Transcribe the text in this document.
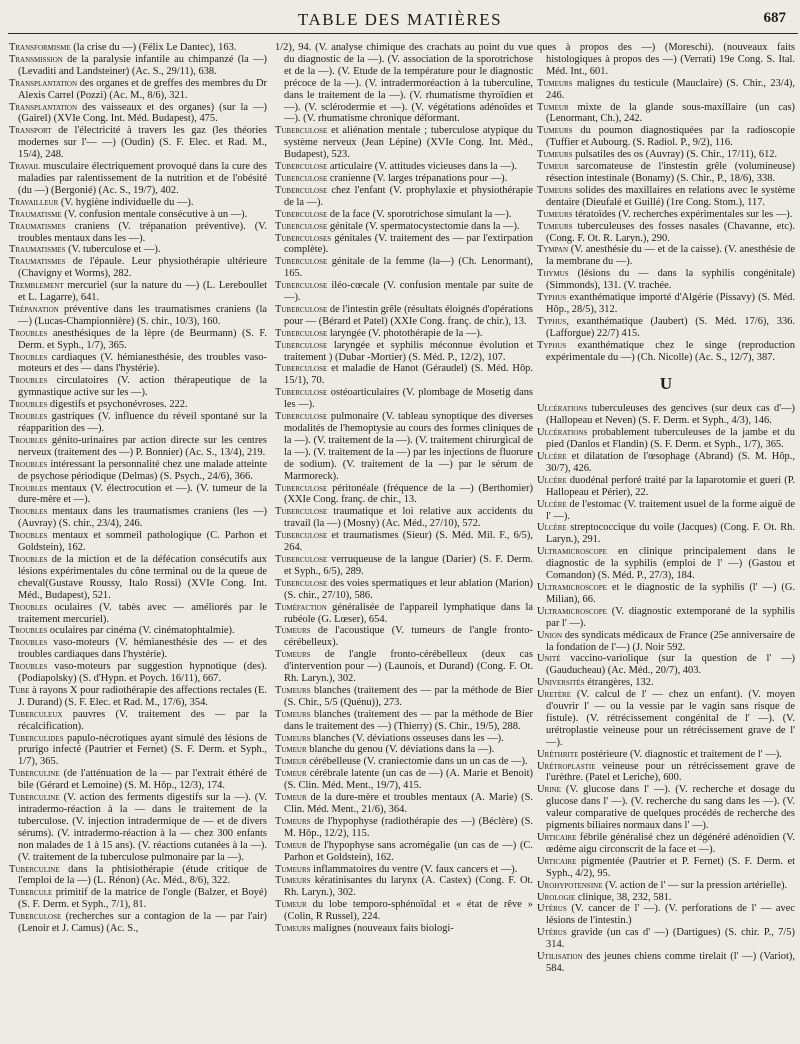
TABLE DES MATIÈRES	687

Transformisme (la crise du —) (Félix Le Dantec), 163.

Transmission de la paralysie infantile au chimpanzé (la —) (Levaditi and Landsteiner) (Ac. S., 29/11), 638.

Transplantation des organes et de greffes des membres du Dr Alexis Carrel (Pozzi) (Ac. M., 8/6), 321.

Transplantation des vaisseaux et des organes) (sur la —) (Gairel) (XVIe Cong. Int. Méd. Budapest), 475.

Transport de l'électricité à travers les gaz (les théories modernes sur l'— —) (Oudin) (S. F. Elec. et Rad. M., 15/4), 248.

Travail musculaire électriquement provoqué dans la cure des maladies par ralentissement de la nutrition et de l'obésité (du —) (Bergonié) (Ac. S., 19/7), 402.

Travailleur (V. hygiène individuelle du —).

Traumatisme (V. confusion mentale consécutive à un —).

Traumatismes craniens (V. trépanation préventive). (V. troubles mentaux dans les —).

Traumatismes (V. tuberculose et —).

Traumatismes de l'épaule. Leur physiothérapie ultérieure (Chavigny et Worms), 282.

Tremblement mercuriel (sur la nature du —) (L. Lereboullet et L. Lagarre), 641.

Trépanation préventive dans les traumatismes craniens (la —) (Lucas-Championnière) (S. chir., 10/3), 160.

Troubles anesthésiques de la lèpre (de Beurmann) (S. F. Derm. et Syph., 1/7), 365.

Troubles cardiaques (V. hémianesthésie, des troubles vaso-moteurs et des — dans l'hystérie).

Troubles circulatoires (V. action thérapeutique de la gymnastique active sur les —).

Troubles digestifs et psychonévroses. 222.

Troubles gastriques (V. influence du réveil spontané sur la réapparition des —).

Troubles génito-urinaires par action directe sur les centres nerveux (traitement des —) P. Bonnier) (Ac. S., 13/4), 219.

Troubles intéressant la personnalité chez une malade atteinte de psychose périodique (Delmas) (S. Psych., 24/6), 366.

Troubles mentaux (V. électrocution et —). (V. tumeur de la dure-mère et —).

Troubles mentaux dans les traumatismes craniens (les —) (Auvray) (S. chir., 23/4), 246.

Troubles mentaux et sommeil pathologique (C. Parhon et Goldstein), 162.

Troubles de la miction et de la défécation consécutifs aux lésions expérimentales du cône terminal ou de la queue de cheval(Gustave Roussy, Italo Rossi) (XVIe Cong. Int. Méd., Budapest), 521.

Troubles oculaires (V. tabès avec — améliorés par le traitement mercuriel).

Troubles oculaires par cinéma (V. cinématophtalmie).

Troubles vaso-moteurs (V. hémianesthésie des — et des troubles cardiaques dans l'hystérie).

Troubles vaso-moteurs par suggestion hypnotique (des). (Podiapolsky) (S. d'Hypn. et Poych. 16/11), 667.

Tube à rayons X pour radiothérapie des affections rectales (E. J. Durand) (S. F. Elec. et Rad. M., 17/6), 354.

Tuberculeux pauvres (V. traitement des — par la récalcification).

Tuberculides papulo-nécrotiques ayant simulé des lésions de prurigo infecté (Pautrier et Fernet) (S. F. Derm. et Syph., 1/7), 365.

Tuberculine (de l'atténuation de la — par l'extrait éthéré de bile (Gérard et Lemoine) (S. M. Hôp., 12/3), 174.

Tuberculine (V. action des ferments digestifs sur la —). (V. intradermo-réaction à la — dans le traitement de la tuberculose. (V. injection intradermique de — et de divers sérums). (V. intradermo-réaction à la — chez 300 enfants non malades de 1 à 15 ans). (V. réactions cutanées à la —). (V. traitement de la tuberculose pulmonaire par la —).

Tuberculine dans la phtisiothérapie (étude critique de l'emploi de la —) (L. Rénon) (Ac. Méd., 8/6), 322.

Tubercule primitif de la matrice de l'ongle (Balzer, et Boyé) (S. F. Derm. et Syph., 7/1), 81.

Tuberculose (recherches sur a contagion de la — par l'air) (Lenoir et J. Camus) (Ac. S.,

1/2), 94. (V. analyse chimique des crachats au point du vue du diagnostic de la —). (V. association de la sporotrichose et de la —). (V. Etude de la température pour le diagnostic précoce de la —). (V. intradermoréaction à la tuberculine, dans le traitement de la —). (V. rhumatisme thyroïdien et —). (V. sclérodermie et —). (V. végétations adénoïdes et —). (V. rhumatisme chronique déformant.

Tuberculose et aliénation mentale ; tuberculose atypique du système nerveux (Jean Lépine) (XVIe Cong. Int. Méd., Budapest), 523.

Tuberculose articulaire (V. attitudes vicieuses dans la —).

Tuberculose cranienne (V. larges trépanations pour —).

Tuberculose chez l'enfant (V. prophylaxie et physiothérapie de la —).

Tuberculose de la face (V. sporotrichose simulant la —).

Tuberculose génitale (V. spermatocystectomie dans la —).

Tuberculoses génitales (V. traitement des — par l'extirpation complète).

Tuberculose génitale de la femme (la—) (Ch. Lenormant), 165.

Tuberculose iléo-cœcale (V. confusion mentale par suite de —).

Tuberculose de l'intestin grêle (résultats éloignés d'opérations pour — (Bérard et Patel) (XXIe Cong. franç. de chir.), 13.

Tuberculose laryngée (V. photothérapie de la —).

Tuberculose laryngée et syphilis méconnue évolution et traitement ) (Dubar -Mortier) (S. Méd. P., 12/2), 107.

Tuberculose et maladie de Hanot (Géraudel) (S. Méd. Hôp. 15/1), 70.

Tuberculose ostéoarticulaires (V. plombage de Mosetig dans les —).

Tuberculose pulmonaire (V. tableau synoptique des diverses modalités de l'hemoptysie au cours des formes cliniques de la —). (V. traitement de la —). (V. traitement chirurgical de la —). (V. traitement de la —) par les injections de fluorure de sodium). (V. traitement de la —) par le sérum de Marmoreck).

Tuberculose péritonéale (fréquence de la —) (Berthomier) (XXIe Cong. franç. de chir., 13.

Tuberculose traumatique et loi relative aux accidents du travail (la —) (Mosny) (Ac. Méd., 27/10), 572.

Tuberculose et traumatismes (Sieur) (S. Méd. Mil. F., 6/5), 264.

Tuberculose verruqueuse de la langue (Darier) (S. F. Derm. et Syph., 6/5), 289.

Tuberculose des voies spermatiques et leur ablation (Marion) (S. chir., 27/10), 586.

Tuméfaction généralisée de l'appareil lymphatique dans la rubéole (G. Lœser), 654.

Tumeurs de l'acoustique (V. tumeurs de l'angle fronto-cérébelleux).

Tumeurs de l'angle fronto-cérébelleux (deux cas d'intervention pour —) (Launois, et Durand) (Cong. F. Ot. Rh. Laryn.), 302.

Tumeurs blanches (traitement des — par la méthode de Bier (S. Chir., 5/5 (Quénu)), 273.

Tumeurs blanches (traitement des — par la méthode de Bier dans le traitement des —) (Thierry) (S. Chir., 19/5), 288.

Tumeurs blanches (V. déviations osseuses dans les —).

Tumeur blanche du genou (V. déviations dans la —).

Tumeur cérébelleuse (V. craniectomie dans un un cas de —).

Tumeur cérébrale latente (un cas de —) (A. Marie et Benoit) (S. Clin. Méd. Ment., 19/7), 415.

Tumeur de la dure-mère et troubles mentaux (A. Marie) (S. Clin. Méd. Ment., 21/6), 364.

Tumeurs de l'hypophyse (radiothérapie des —) (Béclère) (S. M. Hôp., 12/2), 115.

Tumeur de l'hypophyse sans acromégalie (un cas de —) (C. Parhon et Goldstein), 162.

Tumeurs inflammatoires du ventre (V. faux cancers et —).

Tumeurs kératinisantes du larynx (A. Castex) (Cong. F. Ot. Rh. Laryn.), 302.

Tumeur du lobe temporo-sphénoïdal et « état de rêve » (Colin, R Russel), 224.

Tumeurs malignes (nouveaux faits biologi-

ques à propos des —) (Moreschi). (nouveaux faits histologiques à propos des —) (Verrati) 19e Cong. S. Ital. Méd. Int., 601.

Tumeurs malignes du testicule (Mauclaire) (S. Chir., 23/4), 246.

Tumeur mixte de la glande sous-maxillaire (un cas) (Lenormant, Ch.), 242.

Tumeurs du poumon diagnostiquées par la radioscopie (Tuffier et Aubourg. (S. Radiol. P., 9/2), 116.

Tumeurs pulsatiles des os (Auvray) (S. Chir., 17/11), 612.

Tumeur sarcomateuse de l'instestin grêle (volumineuse) résection intestinale (Bonamy) (S. Chir., P., 18/6), 338.

Tumeurs solides des maxillaires en relations avec le système dentaire (Dieufalé et Guillé) (1re Cong. Stom.), 117.

Tumeurs tératoïdes (V. recherches expérimentales sur les —).

Tumeurs tuberculeuses des fosses nasales (Chavanne, etc). (Cong. F. Ot. R. Laryn.), 290.

Tympan (V. anesthésie du — et de la caisse). (V. anesthésie de la membrane du —).

Thymus (lésions du — dans la syphilis congénitale) (Simmonds), 131. (V. trachée.

Typhus exanthématique importé d'Algérie (Pissavy) (S. Méd. Hôp., 28/5), 312.

Typhus, exanthématique (Jaubert) (S. Méd. 17/6), 336. (Lafforgue) 22/7) 415.

Typhus exanthématique chez le singe (reproduction expérimentale du —) (Ch. Nicolle) (Ac. S., 12/7), 387.

U

Ulcérations tuberculeuses des gencives (sur deux cas d'—) (Hallopeau et Neven) (S. F. Derm. et Syph., 4/3), 146.

Ulcérations probablement tuberculeuses de la jambe et du pied (Danlos et Flandin) (S. F. Derm. et Syph., 1/7), 365.

Ulcère et dilatation de l'œsophage (Abrand) (S. M. Hôp., 30/7), 426.

Ulcère duodénal perforé traité par la laparotomie et gueri (P. Hallopeau et Périer), 22.

Ulcère de l'estomac (V. traitement usuel de la forme aiguë de l' —).

Ulcère streptococcique du voile (Jacques) (Cong. F. Ot. Rh. Laryn.), 291.

Ultramicroscope en clinique principalement dans le diagnostic de la syphilis (emploi de l' —) (Gastou et Comandon) (S. Méd. P., 27/3), 184.

Ultramicroscope et le diagnostic de la syphilis (l' —) (G. Milian), 66.

Ultramicroscope (V. diagnostic extemporané de la syphilis par l' —).

Union des syndicats médicaux de France (25e anniversaire de la fondation de l'—) (J. Noir 592.

Unité vaccino-variolique (sur la question de l' —) (Gauducheau) (Ac. Méd., 20/7), 403.

Universités étrangères, 132.

Uretère (V. calcul de l' — chez un enfant). (V. moyen d'ouvrir l' — ou la vessie par le vagin sans risque de fistule). (V. rétrécissement congénital de l' —). (V. urétroplastie veineuse pour un rétrécissement grave de l' —).

Uréthrite postérieure (V. diagnostic et traitement de l' —).

Urétroplastie veineuse pour un rétrécissement grave de l'urèthre. (Patel et Leriche), 600.

Urine (V. glucose dans l' —). (V. recherche et dosage du glucose dans l' —). (V. recherche du sang dans les —). (V. valeur comparative de quelques procédés de recherche des pigments biliaires normaux dans l' —).

Urticaire fébrile généralisé chez un dégénéré adénoïdien (V. œdème aigu circonscrit de la face et —).

Urticaire pigmentée (Pautrier et P. Fernet) (S. F. Derm. et Syph., 4/2), 95.

Urohypotensine (V. action de l' — sur la pression artérielle).

Urologie clinique, 38, 232, 581.

Utérus (V. cancer de l' —). (V. perforations de l' — avec lésions de l'intestin.)

Utérus gravide (un cas d' —) (Dartigues) (S. chir. P., 7/5) 314.

Utilisation des jeunes chiens comme tirelait (l' —) (Variot), 584.
